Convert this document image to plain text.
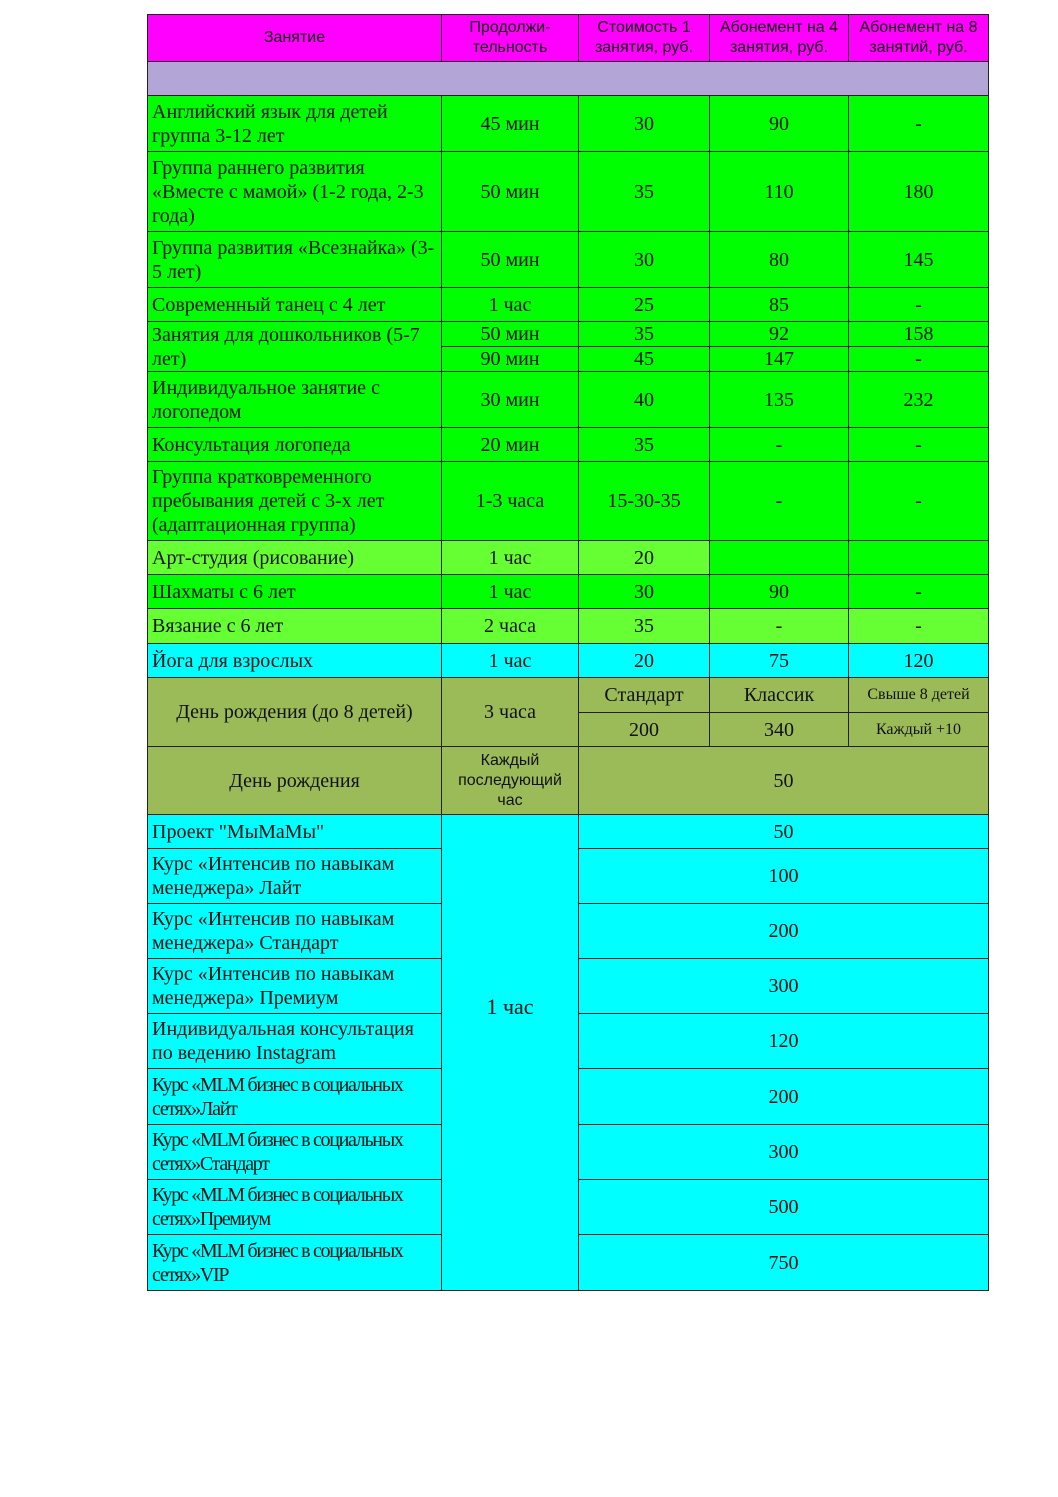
Занятие	Продолжи-тельность	Стоимость 1 занятия, руб.	Абонемент на 4 занятия, руб.	Абонемент на 8 занятий, руб.

Английский язык для детей группа 3-12 лет	45 мин	30	90	-
Группа раннего развития «Вместе с мамой» (1-2 года, 2-3 года)	50 мин	35	110	180
Группа развития «Всезнайка» (3-5 лет)	50 мин	30	80	145
Современный танец с 4 лет	1 час	25	85	-
Занятия для дошкольников (5-7 лет)	50 мин	35	92	158
	90 мин	45	147	-
Индивидуальное занятие с логопедом	30 мин	40	135	232
Консультация логопеда	20 мин	35	-	-
Группа кратковременного пребывания детей с 3-х лет (адаптационная группа)	1-3 часа	15-30-35	-	-
Арт-студия (рисование)	1 час	20		
Шахматы с 6 лет	1 час	30	90	-
Вязание с 6 лет	2 часа	35	-	-
Йога для взрослых	1 час	20	75	120
День рождения (до 8 детей)	3 часа	Стандарт	Классик	Свыше 8 детей
		200	340	Каждый +10
День рождения	Каждый последующий час	50		
Проект "МыМаМы"	1 час	50		
Курс «Интенсив по навыкам менеджера» Лайт		100		
Курс «Интенсив по навыкам менеджера» Стандарт		200		
Курс «Интенсив по навыкам менеджера» Премиум		300		
Индивидуальная консультация по ведению Instagram		120		
Курс «MLM бизнес в социальных сетях»Лайт		200		
Курс «MLM бизнес в социальных сетях»Стандарт		300		
Курс «MLM бизнес в социальных сетях»Премиум		500		
Курс «MLM бизнес в социальных сетях»VIP		750		
